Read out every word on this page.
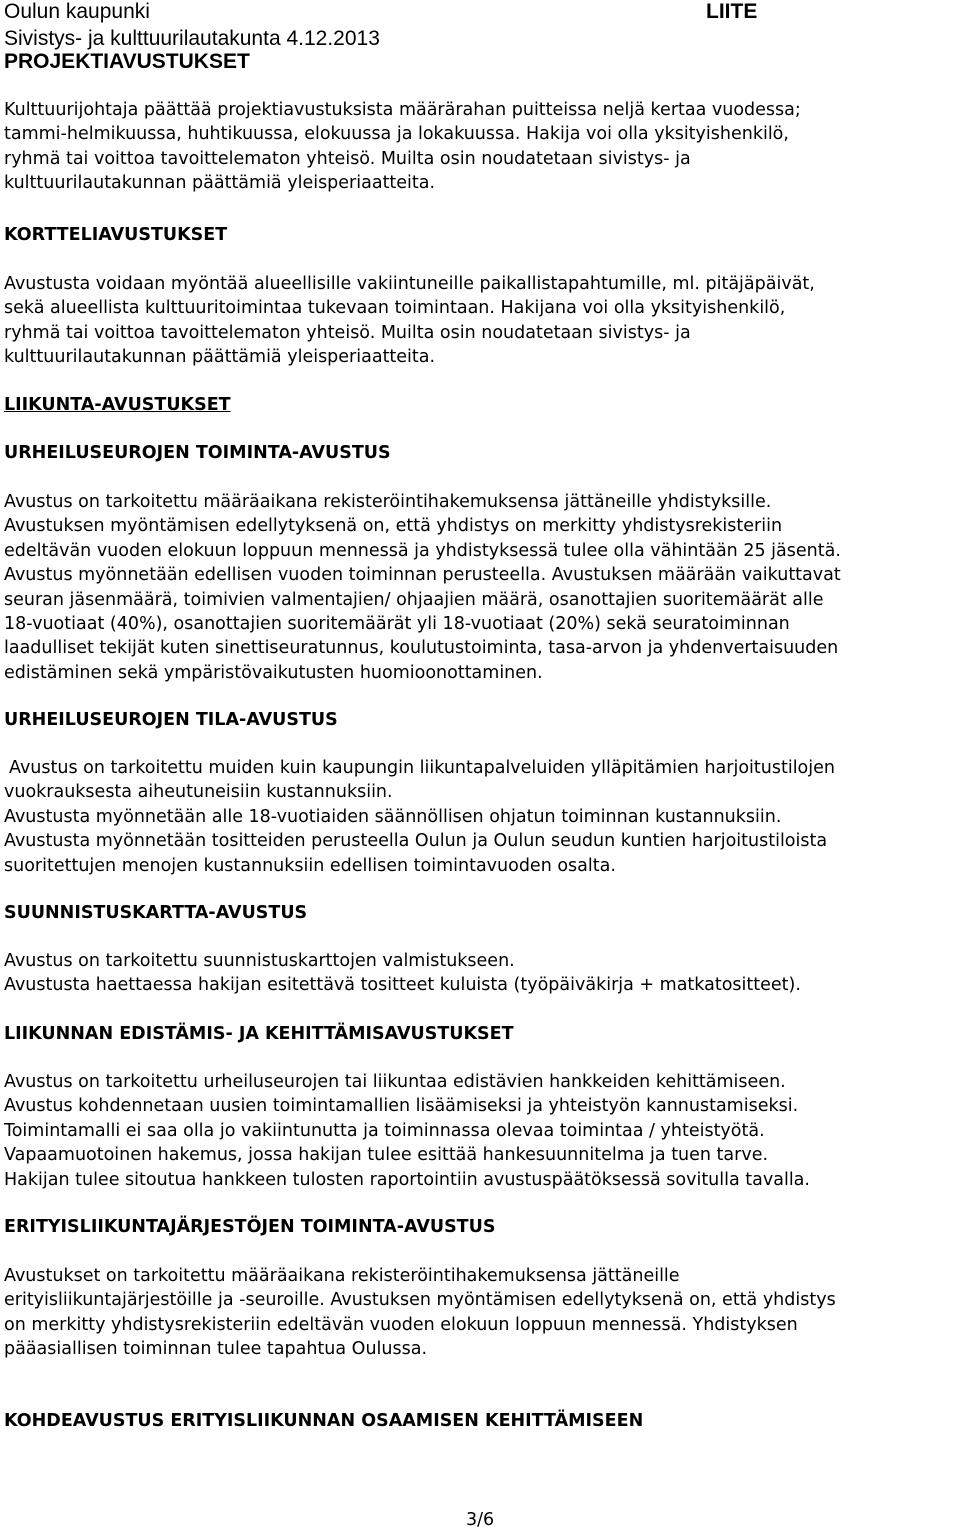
Oulun kaupunki	LIITE
Sivistys- ja kulttuurilautakunta 4.12.2013
PROJEKTIAVUSTUKSET
Kulttuurijohtaja päättää projektiavustuksista määrärahan puitteissa neljä kertaa vuodessa;
tammi-helmikuussa, huhtikuussa, elokuussa ja lokakuussa. Hakija voi olla yksityishenkilö,
ryhmä tai voittoa tavoittelematon yhteisö. Muilta osin noudatetaan sivistys- ja
kulttuurilautakunnan päättämiä yleisperiaatteita.
KORTTELIAVUSTUKSET
Avustusta voidaan myöntää alueellisille vakiintuneille paikallistapahtumille, ml. pitäjäpäivät,
sekä alueellista kulttuuritoimintaa tukevaan toimintaan. Hakijana voi olla yksityishenkilö,
ryhmä tai voittoa tavoittelematon yhteisö. Muilta osin noudatetaan sivistys- ja
kulttuurilautakunnan päättämiä yleisperiaatteita.
LIIKUNTA-AVUSTUKSET
URHEILUSEUROJEN TOIMINTA-AVUSTUS
Avustus on tarkoitettu määräaikana rekisteröintihakemuksensa jättäneille yhdistyksille.
Avustuksen myöntämisen edellytyksenä on, että yhdistys on merkitty yhdistysrekisteriin
edeltävän vuoden elokuun loppuun mennessä ja yhdistyksessä tulee olla vähintään 25 jäsentä.
Avustus myönnetään edellisen vuoden toiminnan perusteella. Avustuksen määrään vaikuttavat
seuran jäsenmäärä, toimivien valmentajien/ ohjaajien määrä, osanottajien suoritemäärät alle
18-vuotiaat (40%), osanottajien suoritemäärät yli 18-vuotiaat (20%) sekä seuratoiminnan
laadulliset tekijät kuten sinettiseuratunnus, koulutustoiminta, tasa-arvon ja yhdenvertaisuuden
edistäminen sekä ympäristövaikutusten huomioonottaminen.
URHEILUSEUROJEN TILA-AVUSTUS
Avustus on tarkoitettu muiden kuin kaupungin liikuntapalveluiden ylläpitämien harjoitustilojen
vuokrauksesta aiheutuneisiin kustannuksiin.
Avustusta myönnetään alle 18-vuotiaiden säännöllisen ohjatun toiminnan kustannuksiin.
Avustusta myönnetään tositteiden perusteella Oulun ja Oulun seudun kuntien harjoitustiloista
suoritettujen menojen kustannuksiin edellisen toimintavuoden osalta.
SUUNNISTUSKARTTA-AVUSTUS
Avustus on tarkoitettu suunnistuskarttojen valmistukseen.
Avustusta haettaessa hakijan esitettävä tositteet kuluista (työpäiväkirja + matkatositteet).
LIIKUNNAN EDISTÄMIS- JA KEHITTÄMISAVUSTUKSET
Avustus on tarkoitettu urheiluseurojen tai liikuntaa edistävien hankkeiden kehittämiseen.
Avustus kohdennetaan uusien toimintamallien lisäämiseksi ja yhteistyön kannustamiseksi.
Toimintamalli ei saa olla jo vakiintunutta ja toiminnassa olevaa toimintaa / yhteistyötä.
Vapaamuotoinen hakemus, jossa hakijan tulee esittää hankesuunnitelma ja tuen tarve.
Hakijan tulee sitoutua hankkeen tulosten raportointiin avustuspäätöksessä sovitulla tavalla.
ERITYISLIIKUNTAJÄRJESTÖJEN TOIMINTA-AVUSTUS
Avustukset on tarkoitettu määräaikana rekisteröintihakemuksensa jättäneille
erityisliikuntajärjestöille ja -seuroille. Avustuksen myöntämisen edellytyksenä on, että yhdistys
on merkitty yhdistysrekisteriin edeltävän vuoden elokuun loppuun mennessä. Yhdistyksen
pääasiallisen toiminnan tulee tapahtua Oulussa.
KOHDEAVUSTUS ERITYISLIIKUNNAN OSAAMISEN KEHITTÄMISEEN
3/6
